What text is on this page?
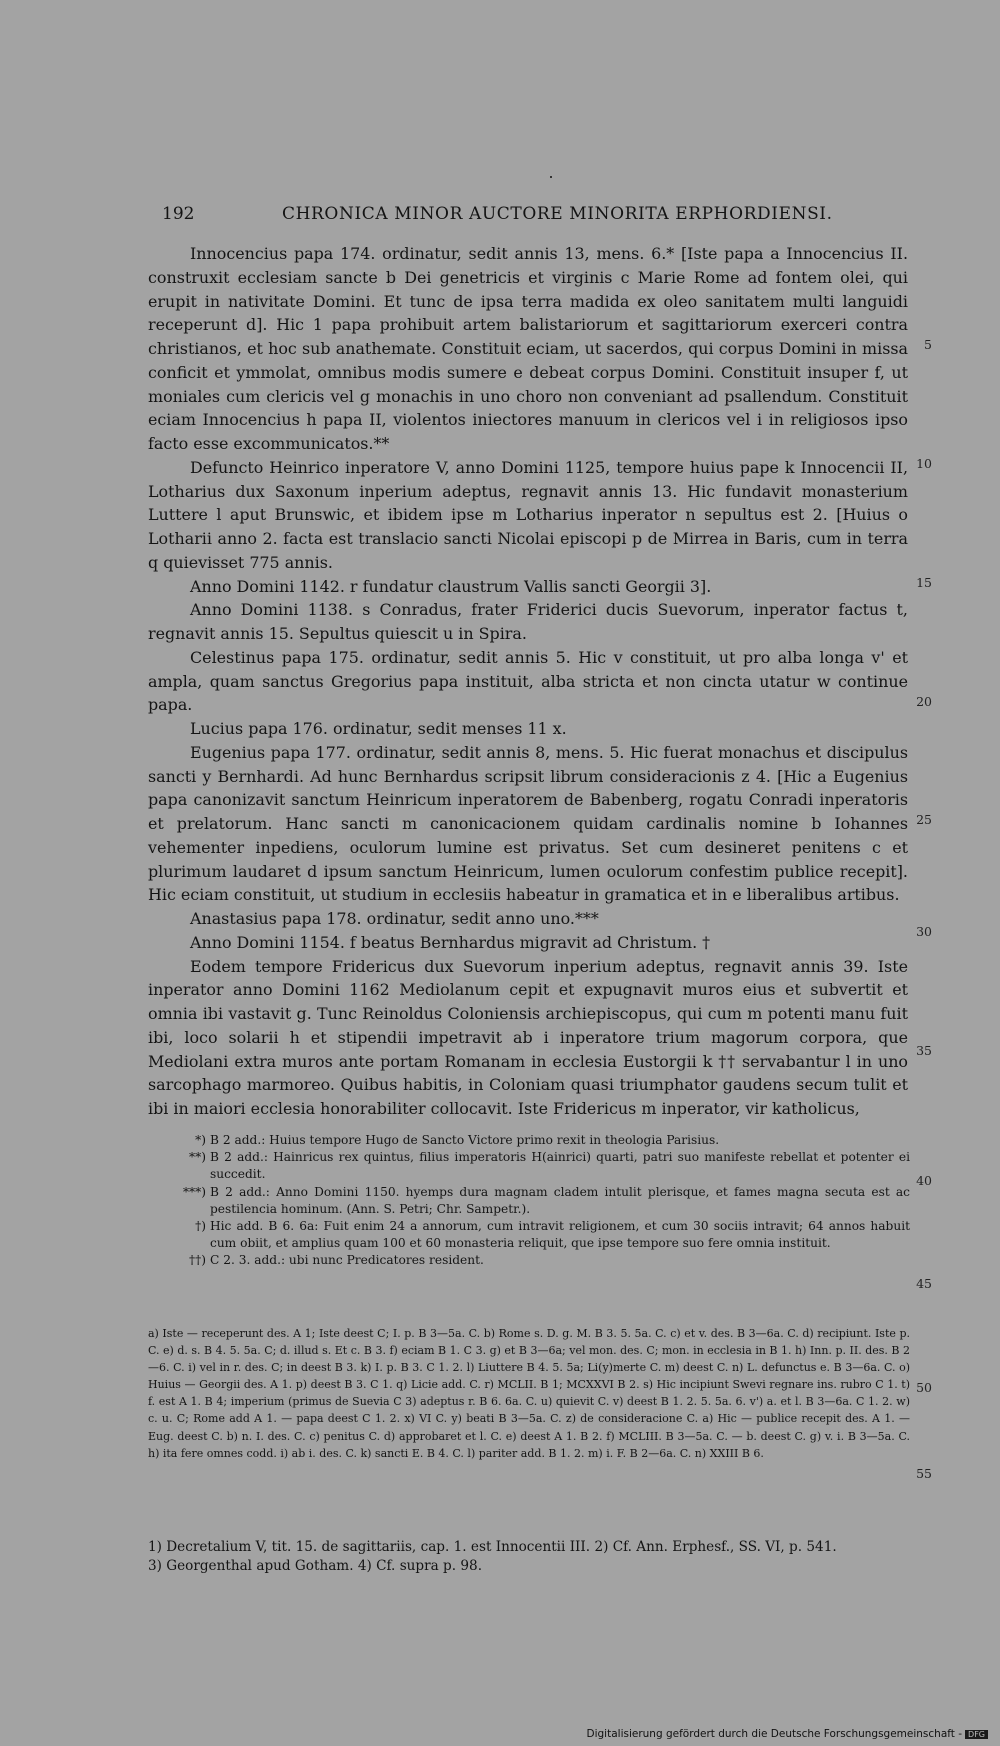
192	CHRONICA MINOR AUCTORE MINORITA ERPHORDIENSI.

Innocencius papa 174. ordinatur, sedit annis 13, mens. 6.* [Iste papa a Innocencius II. construxit ecclesiam sancte b Dei genetricis et virginis c Marie Rome ad fontem olei, qui erupit in nativitate Domini. Et tunc de ipsa terra madida ex oleo sanitatem multi languidi receperunt d]. Hic 1 papa prohibuit artem balistariorum et sagittariorum exerceri contra christianos, et hoc sub anathemate. Constituit eciam, ut sacerdos, qui corpus Domini in missa conficit et ymmolat, omnibus modis sumere e debeat corpus Domini. Constituit insuper f, ut moniales cum clericis vel g monachis in uno choro non conveniant ad psallendum. Constituit eciam Innocencius h papa II, violentos iniectores manuum in clericos vel i in religiosos ipso facto esse excommunicatos.**

Defuncto Heinrico inperatore V, anno Domini 1125, tempore huius pape k Innocencii II, Lotharius dux Saxonum inperium adeptus, regnavit annis 13. Hic fundavit monasterium Luttere l aput Brunswic, et ibidem ipse m Lotharius inperator n sepultus est 2. [Huius o Lotharii anno 2. facta est translacio sancti Nicolai episcopi p de Mirrea in Baris, cum in terra q quievisset 775 annis.

Anno Domini 1142. r fundatur claustrum Vallis sancti Georgii 3].

Anno Domini 1138. s Conradus, frater Friderici ducis Suevorum, inperator factus t, regnavit annis 15. Sepultus quiescit u in Spira.

Celestinus papa 175. ordinatur, sedit annis 5. Hic v constituit, ut pro alba longa v' et ampla, quam sanctus Gregorius papa instituit, alba stricta et non cincta utatur w continue papa.

Lucius papa 176. ordinatur, sedit menses 11 x.

Eugenius papa 177. ordinatur, sedit annis 8, mens. 5. Hic fuerat monachus et discipulus sancti y Bernhardi. Ad hunc Bernhardus scripsit librum consideracionis z 4. [Hic a Eugenius papa canonizavit sanctum Heinricum inperatorem de Babenberg, rogatu Conradi inperatoris et prelatorum. Hanc sancti m canonicacionem quidam cardinalis nomine b Iohannes vehementer inpediens, oculorum lumine est privatus. Set cum desineret penitens c et plurimum laudaret d ipsum sanctum Heinricum, lumen oculorum confestim publice recepit]. Hic eciam constituit, ut studium in ecclesiis habeatur in gramatica et in e liberalibus artibus.

Anastasius papa 178. ordinatur, sedit anno uno.***

Anno Domini 1154. f beatus Bernhardus migravit ad Christum. †

Eodem tempore Fridericus dux Suevorum inperium adeptus, regnavit annis 39. Iste inperator anno Domini 1162 Mediolanum cepit et expugnavit muros eius et subvertit et omnia ibi vastavit g. Tunc Reinoldus Coloniensis archiepiscopus, qui cum m potenti manu fuit ibi, loco solarii h et stipendii impetravit ab i inperatore trium magorum corpora, que Mediolani extra muros ante portam Romanam in ecclesia Eustorgii k †† servabantur l in uno sarcophago marmoreo. Quibus habitis, in Coloniam quasi triumphator gaudens secum tulit et ibi in maiori ecclesia honorabiliter collocavit. Iste Fridericus m inperator, vir katholicus,

5
10
15
20
25
30
35
40
45
50
55
*) B 2 add.: Huius tempore Hugo de Sancto Victore primo rexit in theologia Parisius.
**) B 2 add.: Hainricus rex quintus, filius imperatoris H(ainrici) quarti, patri suo manifeste rebellat et potenter ei succedit.
***) B 2 add.: Anno Domini 1150. hyemps dura magnam cladem intulit plerisque, et fames magna secuta est ac pestilencia hominum. (Ann. S. Petri; Chr. Sampetr.).
†) Hic add. B 6. 6a: Fuit enim 24 a annorum, cum intravit religionem, et cum 30 sociis intravit; 64 annos habuit cum obiit, et amplius quam 100 et 60 monasteria reliquit, que ipse tempore suo fere omnia instituit.
††) C 2. 3. add.: ubi nunc Predicatores resident.
a) Iste — receperunt des. A 1; Iste deest C; I. p. B 3—5a. C. b) Rome s. D. g. M. B 3. 5. 5a. C. c) et v. des. B 3—6a. C. d) recipiunt. Iste p. C. e) d. s. B 4. 5. 5a. C; d. illud s. Et c. B 3. f) eciam B 1. C 3. g) et B 3—6a; vel mon. des. C; mon. in ecclesia in B 1. h) Inn. p. II. des. B 2—6. C. i) vel in r. des. C; in deest B 3. k) I. p. B 3. C 1. 2. l) Liuttere B 4. 5. 5a; Li(y)merte C. m) deest C. n) L. defunctus e. B 3—6a. C. o) Huius — Georgii des. A 1. p) deest B 3. C 1. q) Licie add. C. r) MCLII. B 1; MCXXVI B 2. s) Hic incipiunt Swevi regnare ins. rubro C 1. t) f. est A 1. B 4; imperium (primus de Suevia C 3) adeptus r. B 6. 6a. C. u) quievit C. v) deest B 1. 2. 5. 5a. 6. v') a. et l. B 3—6a. C 1. 2. w) c. u. C; Rome add A 1. — papa deest C 1. 2. x) VI C. y) beati B 3—5a. C. z) de consideracione C. a) Hic — publice recepit des. A 1. — Eug. deest C. b) n. I. des. C. c) penitus C. d) approbaret et l. C. e) deest A 1. B 2. f) MCLIII. B 3—5a. C. — b. deest C. g) v. i. B 3—5a. C. h) ita fere omnes codd. i) ab i. des. C. k) sancti E. B 4. C. l) pariter add. B 1. 2. m) i. F. B 2—6a. C. n) XXIII B 6.
1) Decretalium V, tit. 15. de sagittariis, cap. 1. est Innocentii III. 2) Cf. Ann. Erphesf., SS. VI, p. 541.
3) Georgenthal apud Gotham. 4) Cf. supra p. 98.
Digitalisierung gefördert durch die Deutsche Forschungsgemeinschaft - DFG
